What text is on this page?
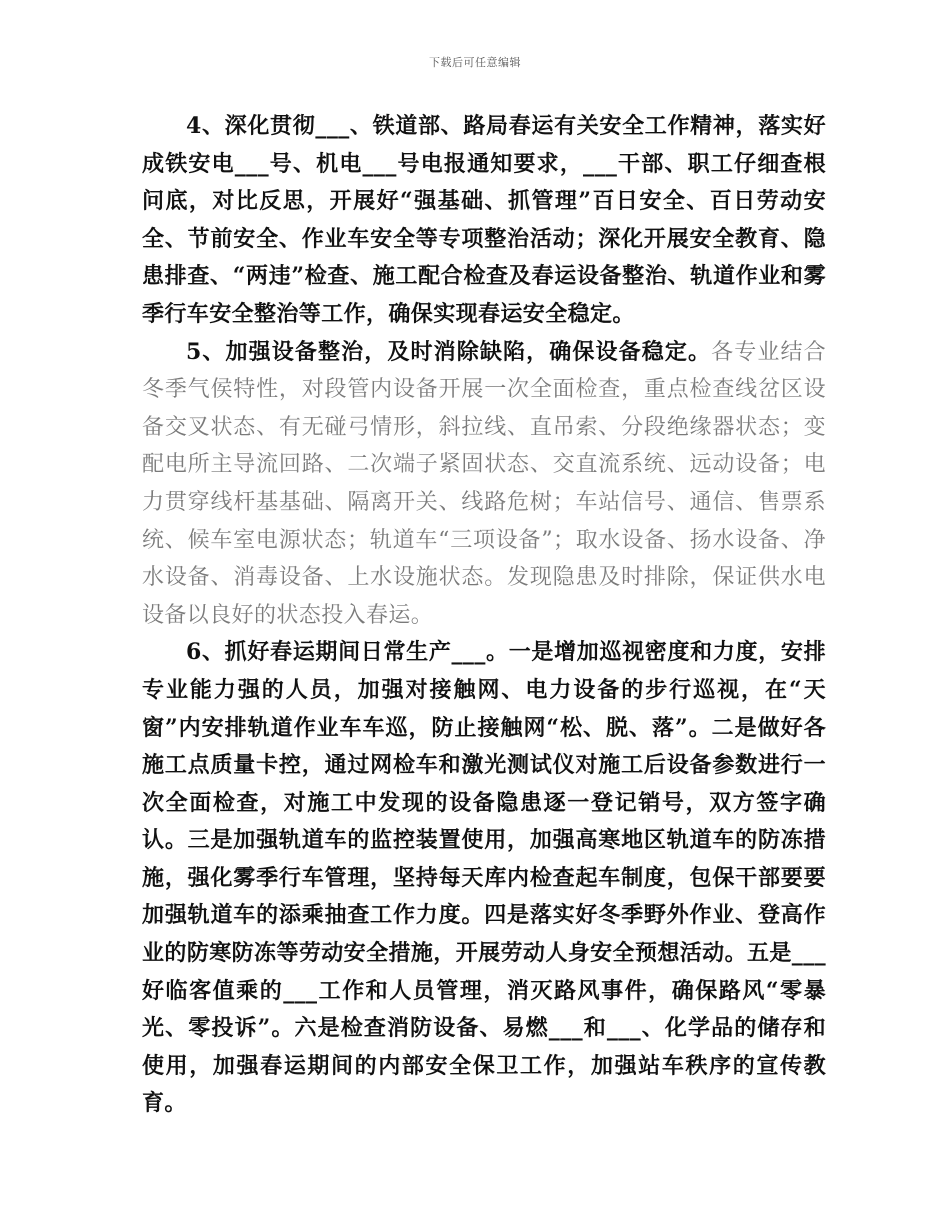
下载后可任意编辑

4、深化贯彻___、铁道部、路局春运有关安全工作精神，落实好成铁安电___号、机电___号电报通知要求，___干部、职工仔细查根问底，对比反思，开展好“强基础、抓管理”百日安全、百日劳动安全、节前安全、作业车安全等专项整治活动；深化开展安全教育、隐患排查、“两违”检查、施工配合检查及春运设备整治、轨道作业和雾季行车安全整治等工作，确保实现春运安全稳定。

5、加强设备整治，及时消除缺陷，确保设备稳定。各专业结合冬季气侯特性，对段管内设备开展一次全面检查，重点检查线岔区设备交叉状态、有无碰弓情形，斜拉线、直吊索、分段绝缘器状态；变配电所主导流回路、二次端子紧固状态、交直流系统、远动设备；电力贯穿线杆基基础、隔离开关、线路危树；车站信号、通信、售票系统、候车室电源状态；轨道车“三项设备”；取水设备、扬水设备、净水设备、消毒设备、上水设施状态。发现隐患及时排除，保证供水电设备以良好的状态投入春运。

6、抓好春运期间日常生产___。一是增加巡视密度和力度，安排专业能力强的人员，加强对接触网、电力设备的步行巡视，在“天窗”内安排轨道作业车车巡，防止接触网“松、脱、落”。二是做好各施工点质量卡控，通过网检车和激光测试仪对施工后设备参数进行一次全面检查，对施工中发现的设备隐患逐一登记销号，双方签字确认。三是加强轨道车的监控装置使用，加强高寒地区轨道车的防冻措施，强化雾季行车管理，坚持每天库内检查起车制度，包保干部要要加强轨道车的添乘抽查工作力度。四是落实好冬季野外作业、登高作业的防寒防冻等劳动安全措施，开展劳动人身安全预想活动。五是___好临客值乘的___工作和人员管理，消灭路风事件，确保路风“零暴光、零投诉”。六是检查消防设备、易燃___和___、化学品的储存和使用，加强春运期间的内部安全保卫工作，加强站车秩序的宣传教育。
